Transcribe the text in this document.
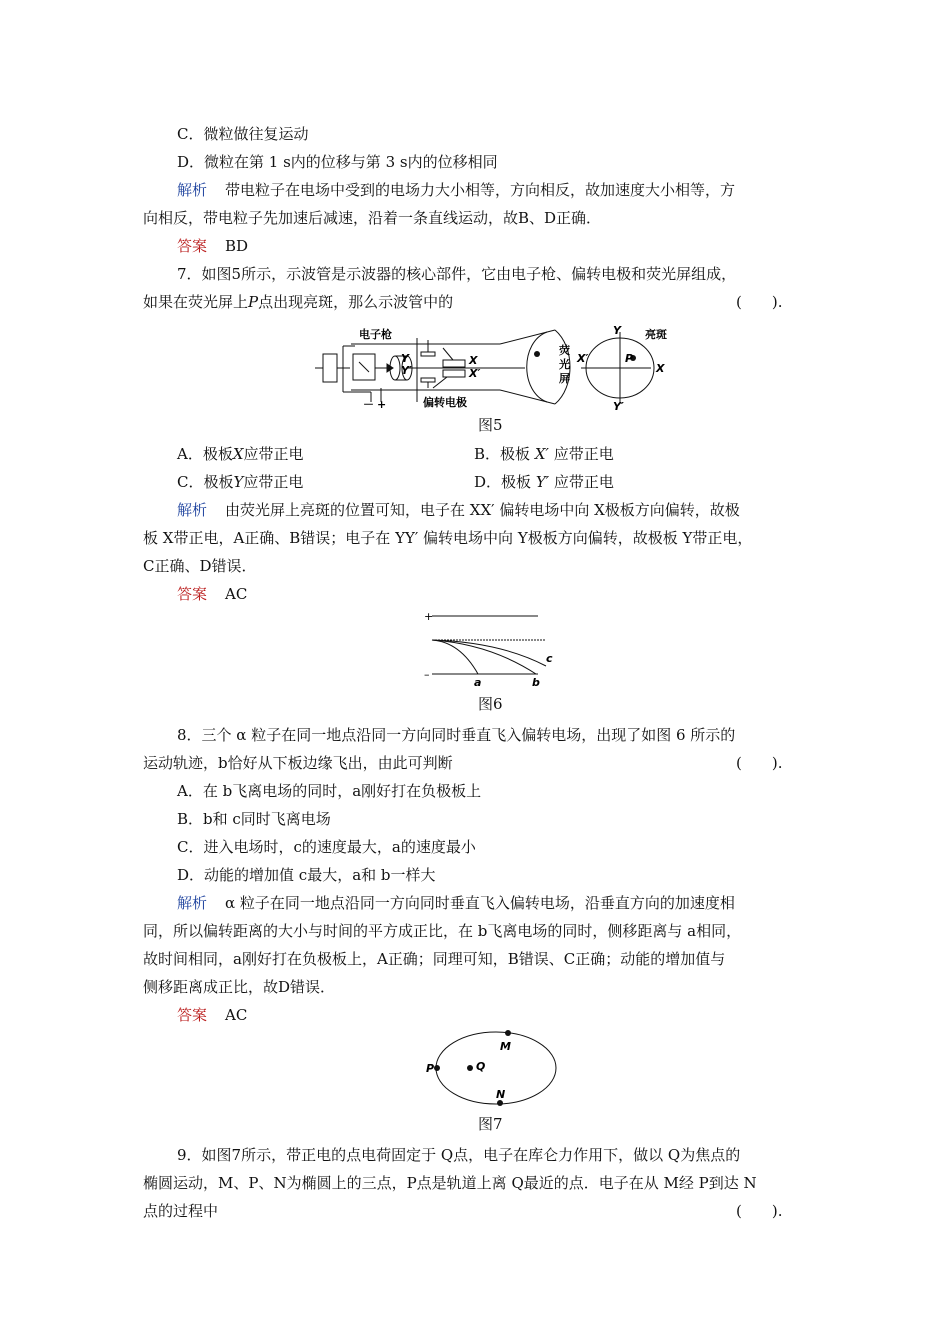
C．微粒做往复运动
D．微粒在第 1 s内的位移与第 3 s内的位移相同
解析 带电粒子在电场中受到的电场力大小相等，方向相反，故加速度大小相等，方
向相反，带电粒子先加速后减速，沿着一条直线运动，故B、D正确．
答案 BD
7．如图5所示，示波管是示波器的核心部件，它由电子枪、偏转电极和荧光屏组成，
如果在荧光屏上P点出现亮斑，那么示波管中的	(　　).
电子枪
偏转电极
Y
Y′
X
X′
荧
光
屏
亮斑
Y
Y′
X′
X
P
－ +
图5
A．极板X应带正电	B．极板 X′ 应带正电
C．极板Y应带正电	D．极板 Y′ 应带正电
解析 由荧光屏上亮斑的位置可知，电子在 XX′ 偏转电场中向 X极板方向偏转，故极
板 X带正电，A正确、B错误；电子在 YY′ 偏转电场中向 Y极板方向偏转，故极板 Y带正电，
C正确、D错误．
答案 AC
+
–
a	b
c
图6
8．三个 α 粒子在同一地点沿同一方向同时垂直飞入偏转电场，出现了如图 6 所示的
运动轨迹，b恰好从下板边缘飞出，由此可判断	(　　).
A．在 b飞离电场的同时，a刚好打在负极板上
B．b和 c同时飞离电场
C．进入电场时，c的速度最大，a的速度最小
D．动能的增加值 c最大，a和 b一样大
解析 α 粒子在同一地点沿同一方向同时垂直飞入偏转电场，沿垂直方向的加速度相
同，所以偏转距离的大小与时间的平方成正比，在 b飞离电场的同时，侧移距离与 a相同，
故时间相同，a刚好打在负极板上，A正确；同理可知，B错误、C正确；动能的增加值与
侧移距离成正比，故D错误．
答案 AC
M
P	Q
N
图7
9．如图7所示，带正电的点电荷固定于 Q点，电子在库仑力作用下，做以 Q为焦点的
椭圆运动，M、P、N为椭圆上的三点，P点是轨道上离 Q最近的点．电子在从 M经 P到达 N
点的过程中	(　　).
